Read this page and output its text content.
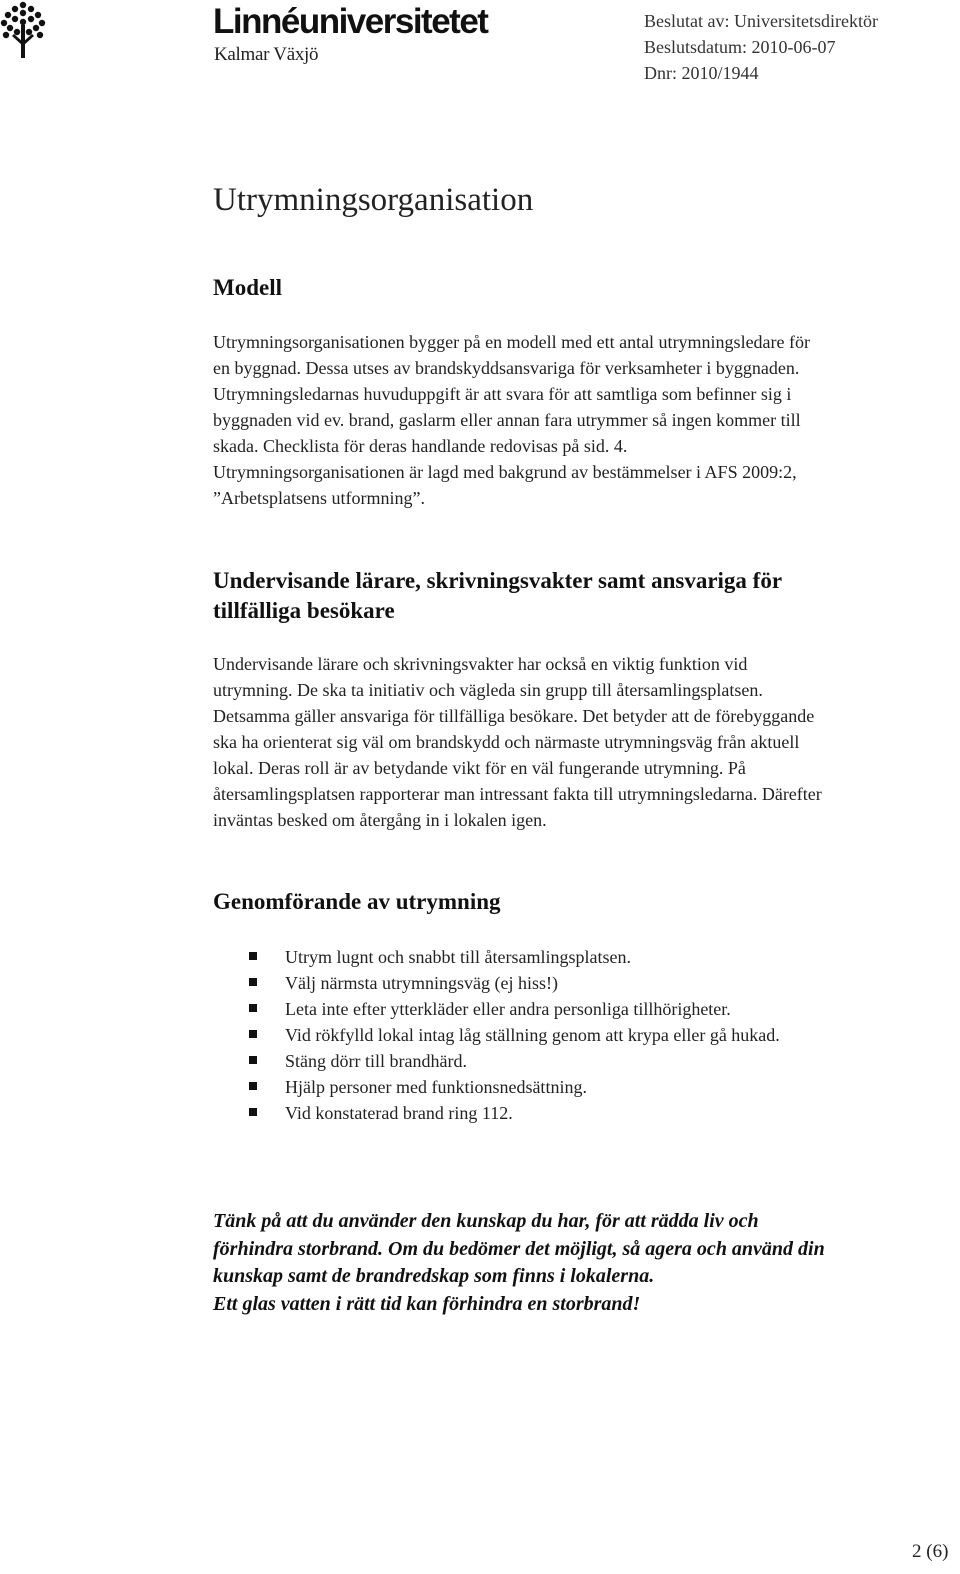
Linnéuniversitetet
Kalmar Växjö
Beslutat av: Universitetsdirektör
Beslutsdatum: 2010-06-07
Dnr: 2010/1944
Utrymningsorganisation
Modell
Utrymningsorganisationen bygger på en modell med ett antal utrymningsledare för
en byggnad. Dessa utses av brandskyddsansvariga för verksamheter i byggnaden.
Utrymningsledarnas huvuduppgift är att svara för att samtliga som befinner sig i
byggnaden vid ev. brand, gaslarm eller annan fara utrymmer så ingen kommer till
skada. Checklista för deras handlande redovisas på sid. 4.
Utrymningsorganisationen är lagd med bakgrund av bestämmelser i AFS 2009:2,
”Arbetsplatsens utformning”.
Undervisande lärare, skrivningsvakter samt ansvariga för
tillfälliga besökare
Undervisande lärare och skrivningsvakter har också en viktig funktion vid
utrymning. De ska ta initiativ och vägleda sin grupp till återsamlingsplatsen.
Detsamma gäller ansvariga för tillfälliga besökare. Det betyder att de förebyggande
ska ha orienterat sig väl om brandskydd och närmaste utrymningsväg från aktuell
lokal. Deras roll är av betydande vikt för en väl fungerande utrymning. På
återsamlingsplatsen rapporterar man intressant fakta till utrymningsledarna. Därefter
inväntas besked om återgång in i lokalen igen.
Genomförande av utrymning
Utrym lugnt och snabbt till återsamlingsplatsen.
Välj närmsta utrymningsväg (ej hiss!)
Leta inte efter ytterkläder eller andra personliga tillhörigheter.
Vid rökfylld lokal intag låg ställning genom att krypa eller gå hukad.
Stäng dörr till brandhärd.
Hjälp personer med funktionsnedsättning.
Vid konstaterad brand ring 112.
Tänk på att du använder den kunskap du har, för att rädda liv och
förhindra storbrand. Om du bedömer det möjligt, så agera och använd din
kunskap samt de brandredskap som finns i lokalerna.
Ett glas vatten i rätt tid kan förhindra en storbrand!
2 (6)
